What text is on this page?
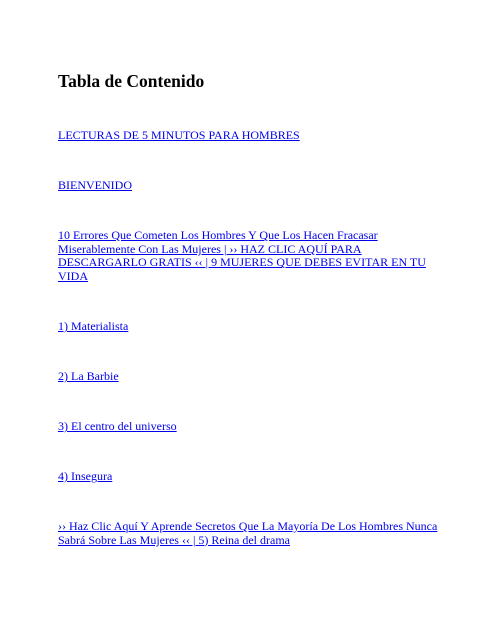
Tabla de Contenido
LECTURAS DE 5 MINUTOS PARA HOMBRES
BIENVENIDO
10 Errores Que Cometen Los Hombres Y Que Los Hacen Fracasar Miserablemente Con Las Mujeres | ›› HAZ CLIC AQUÍ PARA DESCARGARLO GRATIS ‹‹ | 9 MUJERES QUE DEBES EVITAR EN TU VIDA
1) Materialista
2) La Barbie
3) El centro del universo
4) Insegura
›› Haz Clic Aquí Y Aprende Secretos Que La Mayoría De Los Hombres Nunca Sabrá Sobre Las Mujeres ‹‹ | 5) Reina del drama
